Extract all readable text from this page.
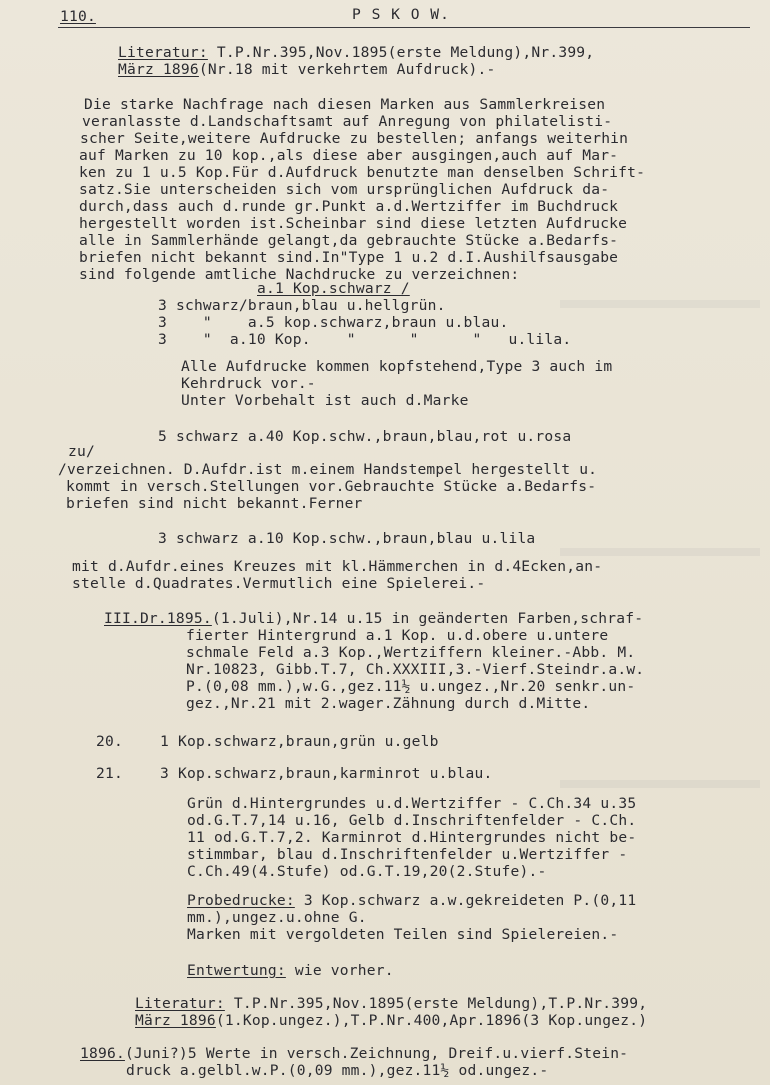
110.	P S K O W.
Literatur: T.P.Nr.395,Nov.1895(erste Meldung),Nr.399,
März 1896(Nr.18 mit verkehrtem Aufdruck).-
Die starke Nachfrage nach diesen Marken aus Sammlerkreisen
veranlasste d.Landschaftsamt auf Anregung von philatelisti-
scher Seite,weitere Aufdrucke zu bestellen; anfangs weiterhin
auf Marken zu 10 kop.,als diese aber ausgingen,auch auf Mar-
ken zu 1 u.5 Kop.Für d.Aufdruck benutzte man denselben Schrift-
satz.Sie unterscheiden sich vom ursprünglichen Aufdruck da-
durch,dass auch d.runde gr.Punkt a.d.Wertziffer im Buchdruck
hergestellt worden ist.Scheinbar sind diese letzten Aufdrucke
alle in Sammlerhände gelangt,da gebrauchte Stücke a.Bedarfs-
briefen nicht bekannt sind.In"Type 1 u.2 d.I.Aushilfsausgabe
sind folgende amtliche Nachdrucke zu verzeichnen:
a.1 Kop.schwarz /
3 schwarz/braun,blau u.hellgrün.
3    "    a.5 kop.schwarz,braun u.blau.
3    "  a.10 Kop.    "      "      "   u.lila.
Alle Aufdrucke kommen kopfstehend,Type 3 auch im
Kehrdruck vor.-
Unter Vorbehalt ist auch d.Marke
5 schwarz a.40 Kop.schw.,braun,blau,rot u.rosa
zu/
/verzeichnen. D.Aufdr.ist m.einem Handstempel hergestellt u.
kommt in versch.Stellungen vor.Gebrauchte Stücke a.Bedarfs-
briefen sind nicht bekannt.Ferner
3 schwarz a.10 Kop.schw.,braun,blau u.lila
mit d.Aufdr.eines Kreuzes mit kl.Hämmerchen in d.4Ecken,an-
stelle d.Quadrates.Vermutlich eine Spielerei.-
III.Dr.1895.(1.Juli),Nr.14 u.15 in geänderten Farben,schraf-
fierter Hintergrund a.1 Kop. u.d.obere u.untere
schmale Feld a.3 Kop.,Wertziffern kleiner.-Abb. M.
Nr.10823, Gibb.T.7, Ch.XXXIII,3.-Vierf.Steindr.a.w.
P.(0,08 mm.),w.G.,gez.11½ u.ungez.,Nr.20 senkr.un-
gez.,Nr.21 mit 2.wager.Zähnung durch d.Mitte.
20.	1 Kop.schwarz,braun,grün u.gelb
21.	3 Kop.schwarz,braun,karminrot u.blau.
Grün d.Hintergrundes u.d.Wertziffer - C.Ch.34 u.35
od.G.T.7,14 u.16, Gelb d.Inschriftenfelder - C.Ch.
11 od.G.T.7,2. Karminrot d.Hintergrundes nicht be-
stimmbar, blau d.Inschriftenfelder u.Wertziffer -
C.Ch.49(4.Stufe) od.G.T.19,20(2.Stufe).-
Probedrucke: 3 Kop.schwarz a.w.gekreideten P.(0,11
mm.),ungez.u.ohne G.
Marken mit vergoldeten Teilen sind Spielereien.-
Entwertung: wie vorher.
Literatur: T.P.Nr.395,Nov.1895(erste Meldung),T.P.Nr.399,
März 1896(1.Kop.ungez.),T.P.Nr.400,Apr.1896(3 Kop.ungez.)
1896.(Juni?)5 Werte in versch.Zeichnung, Dreif.u.vierf.Stein-
druck a.gelbl.w.P.(0,09 mm.),gez.11½ od.ungez.-
